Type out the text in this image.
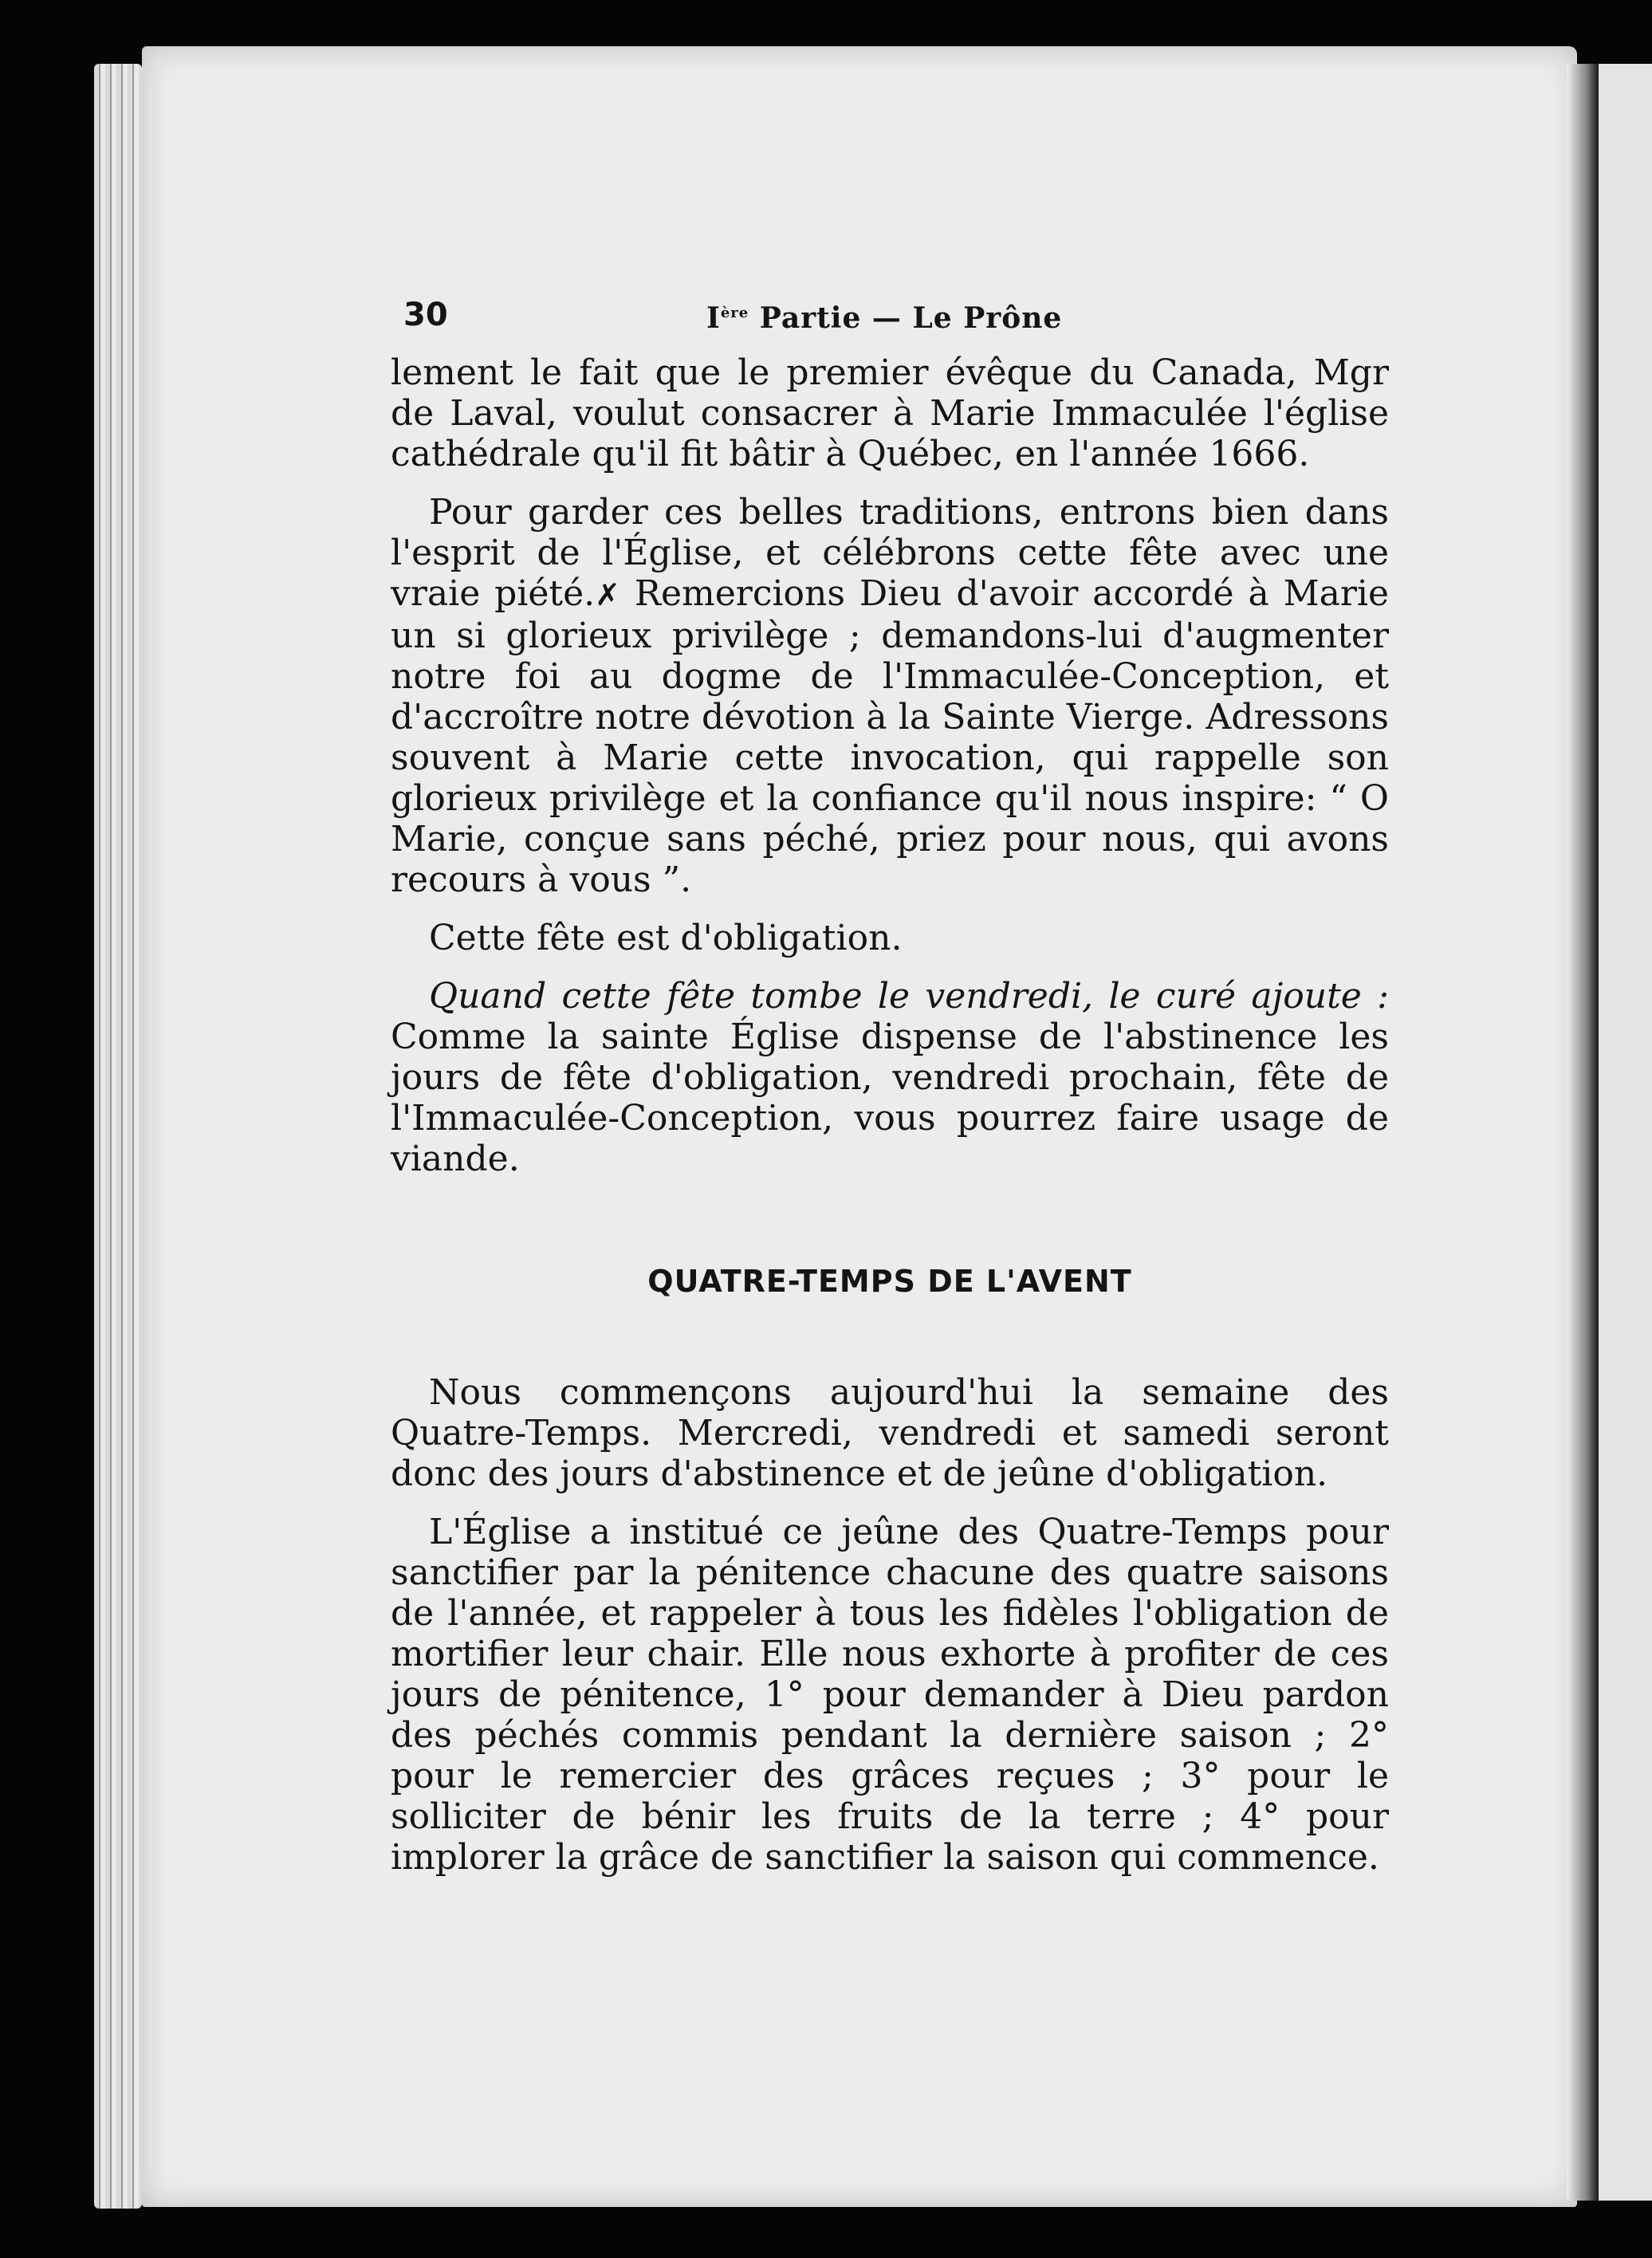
30	Ière Partie — Le Prône

lement le fait que le premier évêque du Canada, Mgr de Laval, voulut consacrer à Marie Immaculée l'église cathédrale qu'il fit bâtir à Québec, en l'année 1666.

Pour garder ces belles traditions, entrons bien dans l'esprit de l'Église, et célébrons cette fête avec une vraie piété.✗ Remercions Dieu d'avoir accordé à Marie un si glorieux privilège ; demandons-lui d'augmenter notre foi au dogme de l'Immaculée-Conception, et d'accroître notre dévotion à la Sainte Vierge. Adressons souvent à Marie cette invocation, qui rappelle son glorieux privilège et la confiance qu'il nous inspire: “ O Marie, conçue sans péché, priez pour nous, qui avons recours à vous ”.

Cette fête est d'obligation.

Quand cette fête tombe le vendredi, le curé ajoute : Comme la sainte Église dispense de l'abstinence les jours de fête d'obligation, vendredi prochain, fête de l'Immaculée-Conception, vous pourrez faire usage de viande.

QUATRE-TEMPS DE L'AVENT

Nous commençons aujourd'hui la semaine des Quatre-Temps. Mercredi, vendredi et samedi seront donc des jours d'abstinence et de jeûne d'obligation.

L'Église a institué ce jeûne des Quatre-Temps pour sanctifier par la pénitence chacune des quatre saisons de l'année, et rappeler à tous les fidèles l'obligation de mortifier leur chair. Elle nous exhorte à profiter de ces jours de pénitence, 1° pour demander à Dieu pardon des péchés commis pendant la dernière saison ; 2° pour le remercier des grâces reçues ; 3° pour le solliciter de bénir les fruits de la terre ; 4° pour implorer la grâce de sanctifier la saison qui commence.
